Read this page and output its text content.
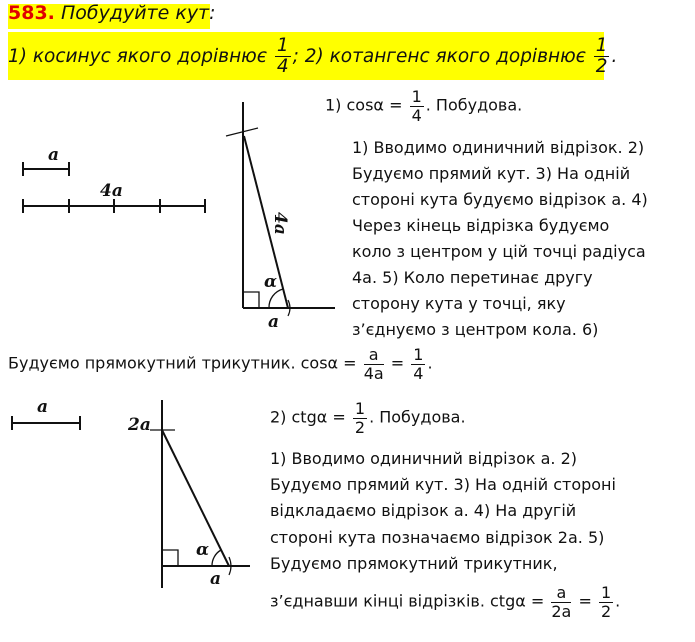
583. Побудуйте кут:
1) косинус якого дорівнює $\frac{1}{4}$ ; 2) котангенс якого дорівнює $\frac{1}{2}$ .
1) $\cos\alpha = \frac{1}{4}$ . Побудова.
1) Вводимо одиничний відрізок. 2)
Будуємо прямий кут. 3) На одній
стороні кута будуємо відрізок а. 4)
Через кінець відрізка будуємо
коло з центром у цій точці радіуса
4а. 5) Коло перетинає другу
сторону кута у точці, яку
з’єднуємо з центром кола. 6)
Будуємо прямокутний трикутник. $\cos\alpha = \frac{a}{4a} = \frac{1}{4}$ .
2) $ctg\alpha = \frac{1}{2}$ . Побудова.
1) Вводимо одиничний відрізок а. 2)
Будуємо прямий кут. 3) На одній стороні
відкладаємо відрізок а. 4) На другій
стороні кута позначаємо відрізок 2а. 5)
Будуємо прямокутний трикутник,
з’єднавши кінці відрізків. $ctg\alpha = \frac{a}{2a} = \frac{1}{2}$ .
a
4a
α
a
4a
a
2a
α
a
